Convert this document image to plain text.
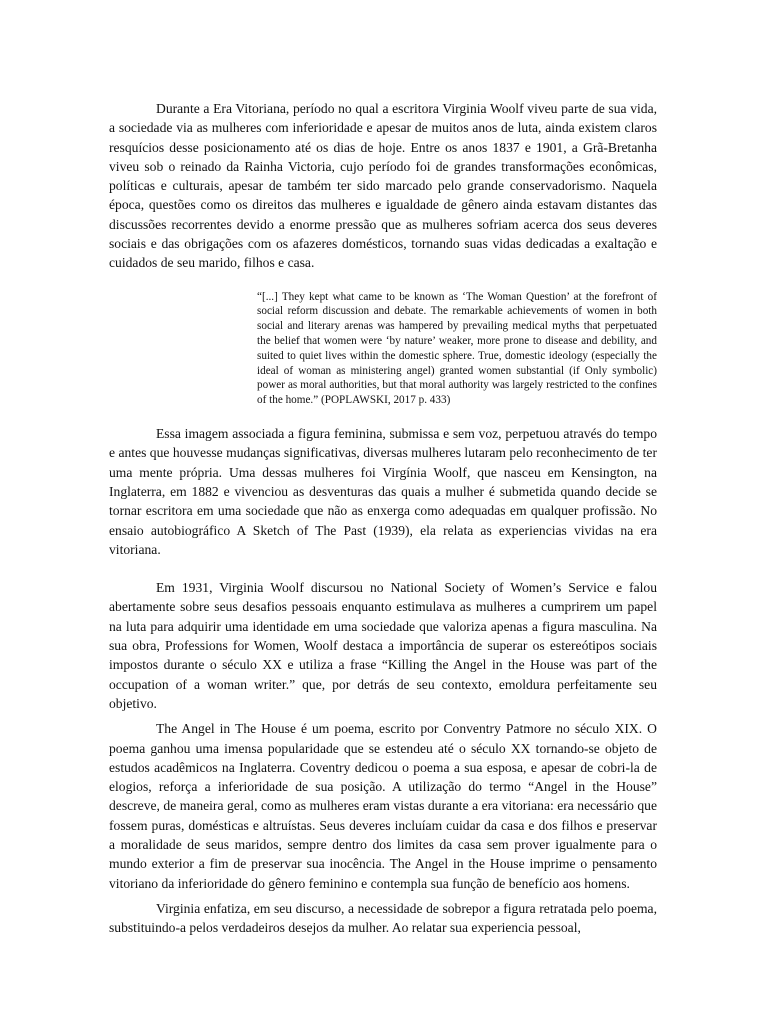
Durante a Era Vitoriana, período no qual a escritora Virginia Woolf viveu parte de sua vida, a sociedade via as mulheres com inferioridade e apesar de muitos anos de luta, ainda existem claros resquícios desse posicionamento até os dias de hoje. Entre os anos 1837 e 1901, a Grã-Bretanha viveu sob o reinado da Rainha Victoria, cujo período foi de grandes transformações econômicas, políticas e culturais, apesar de também ter sido marcado pelo grande conservadorismo. Naquela época, questões como os direitos das mulheres e igualdade de gênero ainda estavam distantes das discussões recorrentes devido a enorme pressão que as mulheres sofriam acerca dos seus deveres sociais e das obrigações com os afazeres domésticos, tornando suas vidas dedicadas a exaltação e cuidados de seu marido, filhos e casa.

“[...] They kept what came to be known as ‘The Woman Question’ at the forefront of social reform discussion and debate. The remarkable achievements of women in both social and literary arenas was hampered by prevailing medical myths that perpetuated the belief that women were ‘by nature’ weaker, more prone to disease and debility, and suited to quiet lives within the domestic sphere. True, domestic ideology (especially the ideal of woman as ministering angel) granted women substantial (if Only symbolic) power as moral authorities, but that moral authority was largely restricted to the confines of the home.” (POPLAWSKI, 2017 p. 433)

Essa imagem associada a figura feminina, submissa e sem voz, perpetuou através do tempo e antes que houvesse mudanças significativas, diversas mulheres lutaram pelo reconhecimento de ter uma mente própria. Uma dessas mulheres foi Virgínia Woolf, que nasceu em Kensington, na Inglaterra, em 1882 e vivenciou as desventuras das quais a mulher é submetida quando decide se tornar escritora em uma sociedade que não as enxerga como adequadas em qualquer profissão. No ensaio autobiográfico A Sketch of The Past (1939), ela relata as experiencias vividas na era vitoriana.

Em 1931, Virginia Woolf discursou no National Society of Women’s Service e falou abertamente sobre seus desafios pessoais enquanto estimulava as mulheres a cumprirem um papel na luta para adquirir uma identidade em uma sociedade que valoriza apenas a figura masculina. Na sua obra, Professions for Women, Woolf destaca a importância de superar os estereótipos sociais impostos durante o século XX e utiliza a frase “Killing the Angel in the House was part of the occupation of a woman writer.” que, por detrás de seu contexto, emoldura perfeitamente seu objetivo.

The Angel in The House é um poema, escrito por Conventry Patmore no século XIX. O poema ganhou uma imensa popularidade que se estendeu até o século XX tornando-se objeto de estudos acadêmicos na Inglaterra. Coventry dedicou o poema a sua esposa, e apesar de cobri-la de elogios, reforça a inferioridade de sua posição. A utilização do termo “Angel in the House” descreve, de maneira geral, como as mulheres eram vistas durante a era vitoriana: era necessário que fossem puras, domésticas e altruístas. Seus deveres incluíam cuidar da casa e dos filhos e preservar a moralidade de seus maridos, sempre dentro dos limites da casa sem prover igualmente para o mundo exterior a fim de preservar sua inocência. The Angel in the House imprime o pensamento vitoriano da inferioridade do gênero feminino e contempla sua função de benefício aos homens.

Virginia enfatiza, em seu discurso, a necessidade de sobrepor a figura retratada pelo poema, substituindo-a pelos verdadeiros desejos da mulher. Ao relatar sua experiencia pessoal,
